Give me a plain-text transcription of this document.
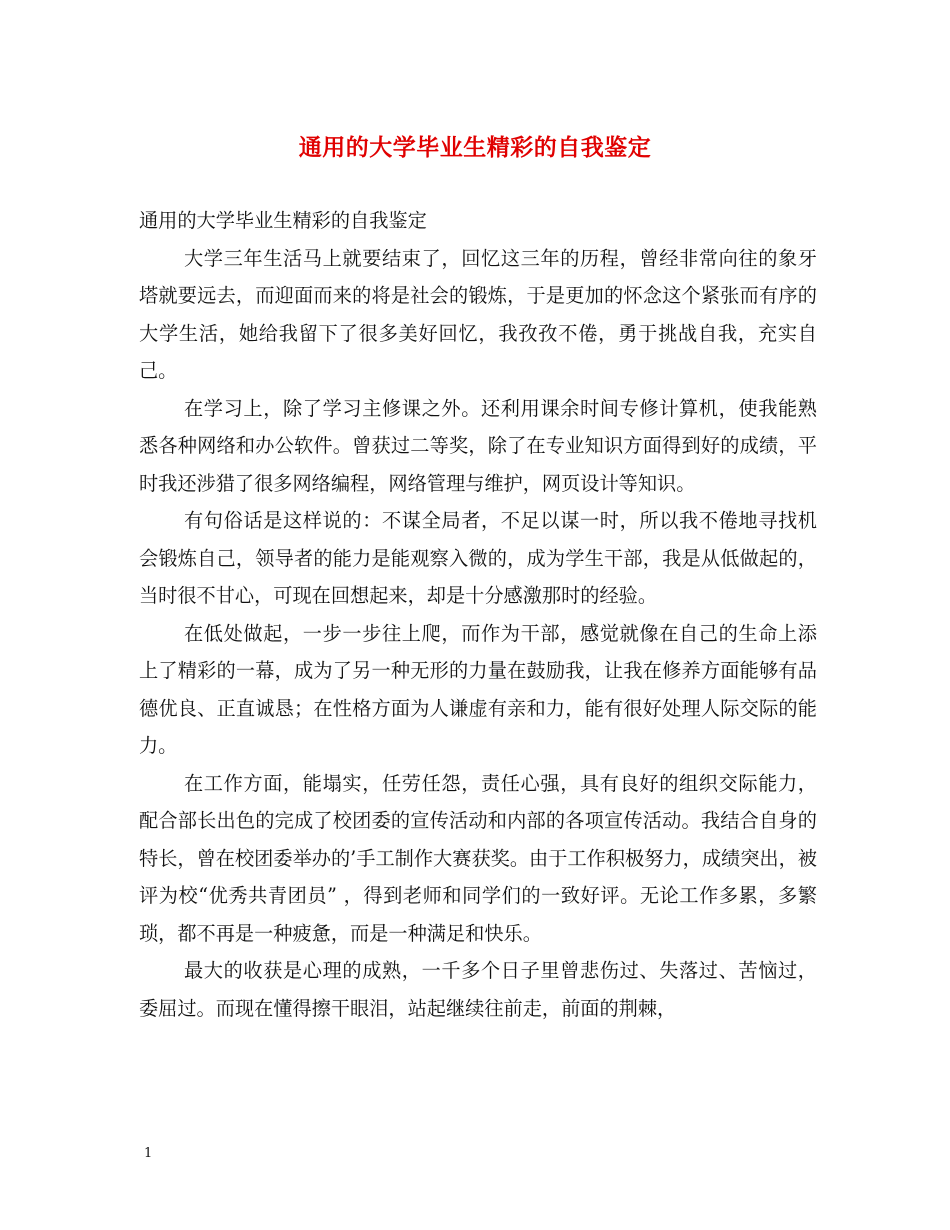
通用的大学毕业生精彩的自我鉴定

通用的大学毕业生精彩的自我鉴定

大学三年生活马上就要结束了，回忆这三年的历程，曾经非常向往的象牙塔就要远去，而迎面而来的将是社会的锻炼，于是更加的怀念这个紧张而有序的大学生活，她给我留下了很多美好回忆，我孜孜不倦，勇于挑战自我，充实自己。

在学习上，除了学习主修课之外。还利用课余时间专修计算机，使我能熟悉各种网络和办公软件。曾获过二等奖，除了在专业知识方面得到好的成绩，平时我还涉猎了很多网络编程，网络管理与维护，网页设计等知识。

有句俗话是这样说的：不谋全局者，不足以谋一时，所以我不倦地寻找机会锻炼自己，领导者的能力是能观察入微的，成为学生干部，我是从低做起的，当时很不甘心，可现在回想起来，却是十分感激那时的经验。

在低处做起，一步一步往上爬，而作为干部，感觉就像在自己的生命上添上了精彩的一幕，成为了另一种无形的力量在鼓励我，让我在修养方面能够有品德优良、正直诚恳；在性格方面为人谦虚有亲和力，能有很好处理人际交际的能力。

在工作方面，能塌实，任劳任怨，责任心强，具有良好的组织交际能力，配合部长出色的完成了校团委的宣传活动和内部的各项宣传活动。我结合自身的特长，曾在校团委举办的’手工制作大赛获奖。由于工作积极努力，成绩突出，被评为校“优秀共青团员” ，得到老师和同学们的一致好评。无论工作多累，多繁琐，都不再是一种疲惫，而是一种满足和快乐。

最大的收获是心理的成熟，一千多个日子里曾悲伤过、失落过、苦恼过，委屈过。而现在懂得擦干眼泪，站起继续往前走，前面的荆棘，

1
